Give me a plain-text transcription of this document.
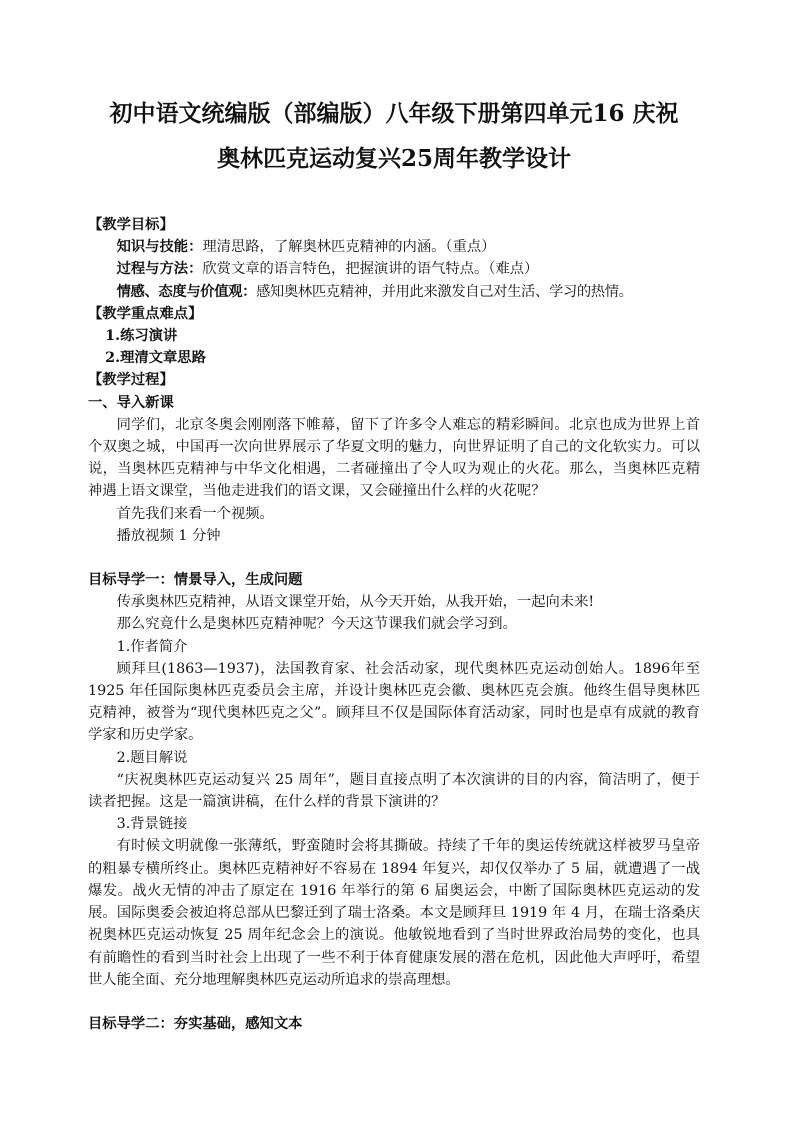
初中语文统编版（部编版）八年级下册第四单元16 庆祝
奥林匹克运动复兴25周年教学设计

【教学目标】

知识与技能：理清思路，了解奥林匹克精神的内涵。（重点）

过程与方法：欣赏文章的语言特色，把握演讲的语气特点。（难点）

情感、态度与价值观：感知奥林匹克精神，并用此来激发自己对生活、学习的热情。

【教学重点难点】

1.练习演讲

2.理清文章思路

【教学过程】

一、导入新课

同学们，北京冬奥会刚刚落下帷幕，留下了许多令人难忘的精彩瞬间。北京也成为世界上首个双奥之城，中国再一次向世界展示了华夏文明的魅力，向世界证明了自己的文化软实力。可以说，当奥林匹克精神与中华文化相遇，二者碰撞出了令人叹为观止的火花。那么，当奥林匹克精神遇上语文课堂，当他走进我们的语文课，又会碰撞出什么样的火花呢？

首先我们来看一个视频。

播放视频 1 分钟

目标导学一：情景导入，生成问题

传承奥林匹克精神，从语文课堂开始，从今天开始，从我开始，一起向未来!

那么究竟什么是奥林匹克精神呢？今天这节课我们就会学习到。

1.作者简介

顾拜旦(1863—1937)，法国教育家、社会活动家，现代奥林匹克运动创始人。1896年至 1925 年任国际奥林匹克委员会主席，并设计奥林匹克会徽、奥林匹克会旗。他终生倡导奥林匹克精神，被誉为“现代奥林匹克之父”。顾拜旦不仅是国际体育活动家，同时也是卓有成就的教育学家和历史学家。

2.题目解说

“庆祝奥林匹克运动复兴 25 周年”，题目直接点明了本次演讲的目的内容，简洁明了，便于读者把握。这是一篇演讲稿，在什么样的背景下演讲的？

3.背景链接

有时候文明就像一张薄纸，野蛮随时会将其撕破。持续了千年的奥运传统就这样被罗马皇帝的粗暴专横所终止。奥林匹克精神好不容易在 1894 年复兴，却仅仅举办了 5 届，就遭遇了一战爆发。战火无情的冲击了原定在 1916 年举行的第 6 届奥运会，中断了国际奥林匹克运动的发展。国际奥委会被迫将总部从巴黎迁到了瑞士洛桑。本文是顾拜旦 1919 年 4 月，在瑞士洛桑庆祝奥林匹克运动恢复 25 周年纪念会上的演说。他敏锐地看到了当时世界政治局势的变化，也具有前瞻性的看到当时社会上出现了一些不利于体育健康发展的潜在危机，因此他大声呼吁，希望世人能全面、充分地理解奥林匹克运动所追求的崇高理想。

目标导学二：夯实基础，感知文本
